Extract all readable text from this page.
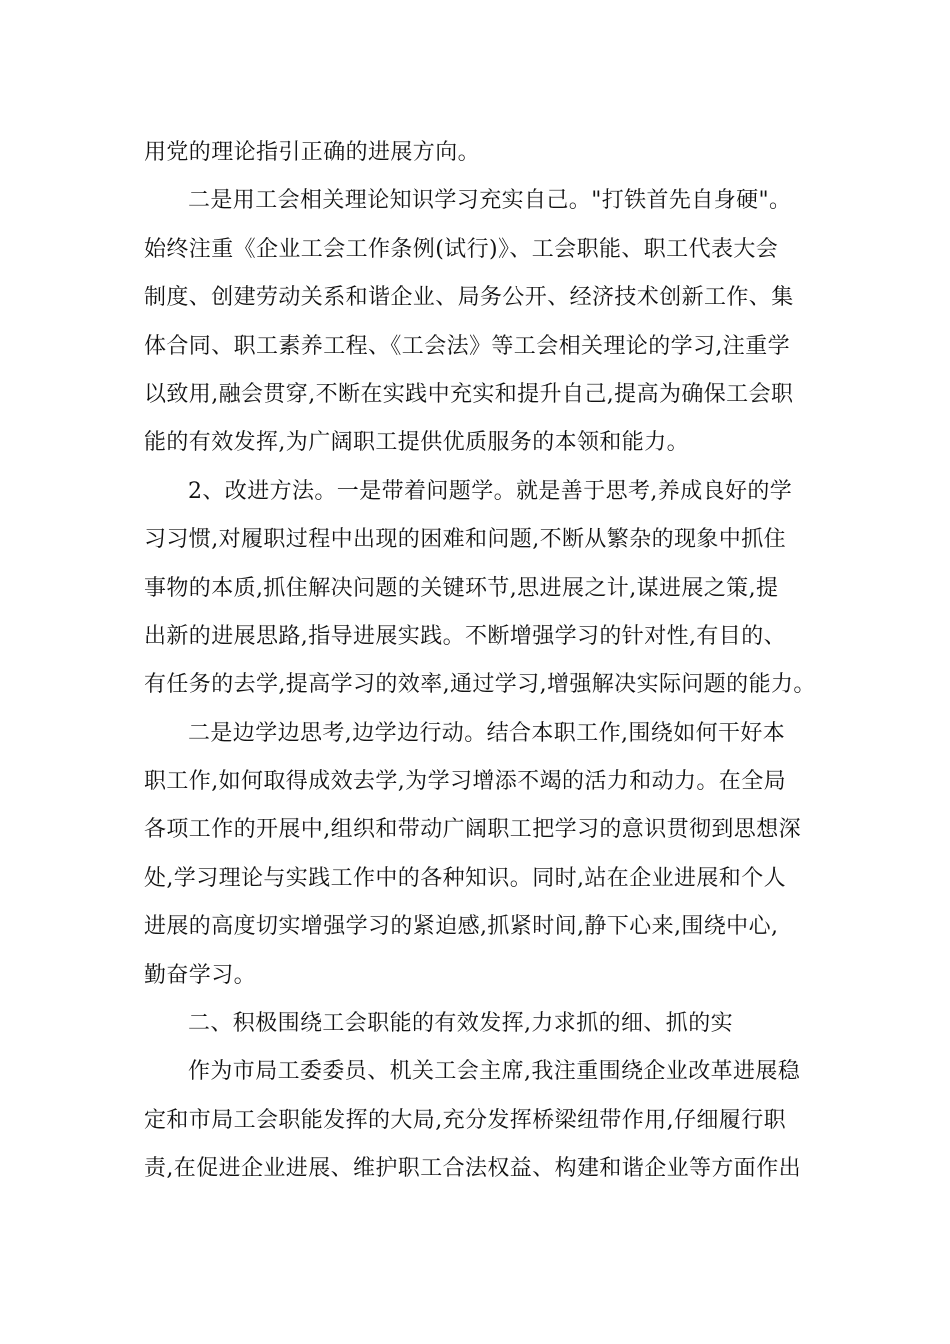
用党的理论指引正确的进展方向。
二是用工会相关理论知识学习充实自己。"打铁首先自身硬"。
始终注重《企业工会工作条例(试行)》、工会职能、职工代表大会
制度、创建劳动关系和谐企业、局务公开、经济技术创新工作、集
体合同、职工素养工程、《工会法》等工会相关理论的学习,注重学
以致用,融会贯穿,不断在实践中充实和提升自己,提高为确保工会职
能的有效发挥,为广阔职工提供优质服务的本领和能力。
2、改进方法。一是带着问题学。就是善于思考,养成良好的学
习习惯,对履职过程中出现的困难和问题,不断从繁杂的现象中抓住
事物的本质,抓住解决问题的关键环节,思进展之计,谋进展之策,提
出新的进展思路,指导进展实践。不断增强学习的针对性,有目的、
有任务的去学,提高学习的效率,通过学习,增强解决实际问题的能力。
二是边学边思考,边学边行动。结合本职工作,围绕如何干好本
职工作,如何取得成效去学,为学习增添不竭的活力和动力。在全局
各项工作的开展中,组织和带动广阔职工把学习的意识贯彻到思想深
处,学习理论与实践工作中的各种知识。同时,站在企业进展和个人
进展的高度切实增强学习的紧迫感,抓紧时间,静下心来,围绕中心,
勤奋学习。
二、积极围绕工会职能的有效发挥,力求抓的细、抓的实
作为市局工委委员、机关工会主席,我注重围绕企业改革进展稳
定和市局工会职能发挥的大局,充分发挥桥梁纽带作用,仔细履行职
责,在促进企业进展、维护职工合法权益、构建和谐企业等方面作出
